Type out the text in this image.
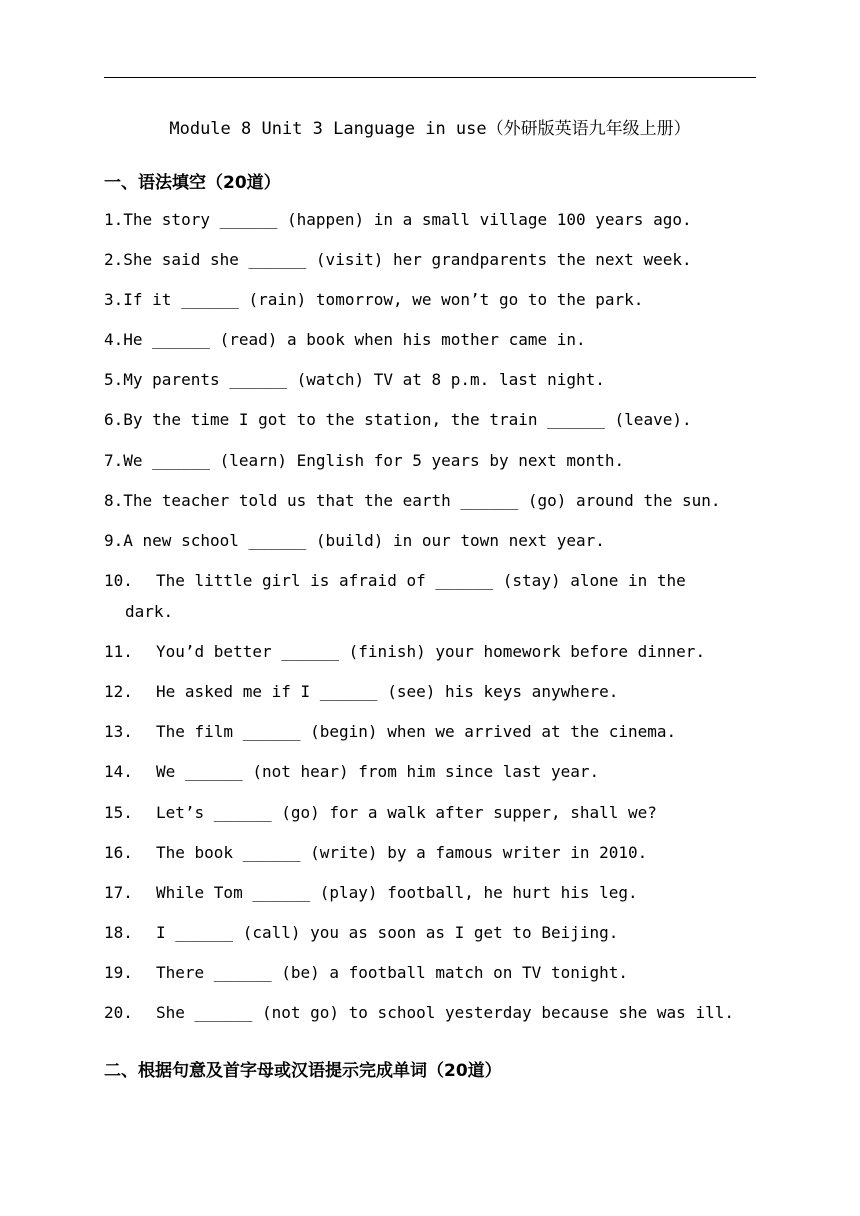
Module 8 Unit 3 Language in use（外研版英语九年级上册）
一、语法填空（20道）
1.The story ______ (happen) in a small village 100 years ago.
2.She said she ______ (visit) her grandparents the next week.
3.If it ______ (rain) tomorrow, we won’t go to the park.
4.He ______ (read) a book when his mother came in.
5.My parents ______ (watch) TV at 8 p.m. last night.
6.By the time I got to the station, the train ______ (leave).
7.We ______ (learn) English for 5 years by next month.
8.The teacher told us that the earth ______ (go) around the sun.
9.A new school ______ (build) in our town next year.
10. The little girl is afraid of ______ (stay) alone in the
dark.
11. You’d better ______ (finish) your homework before dinner.
12. He asked me if I ______ (see) his keys anywhere.
13. The film ______ (begin) when we arrived at the cinema.
14. We ______ (not hear) from him since last year.
15. Let’s ______ (go) for a walk after supper, shall we?
16. The book ______ (write) by a famous writer in 2010.
17. While Tom ______ (play) football, he hurt his leg.
18. I ______ (call) you as soon as I get to Beijing.
19. There ______ (be) a football match on TV tonight.
20. She ______ (not go) to school yesterday because she was ill.
二、根据句意及首字母或汉语提示完成单词（20道）
